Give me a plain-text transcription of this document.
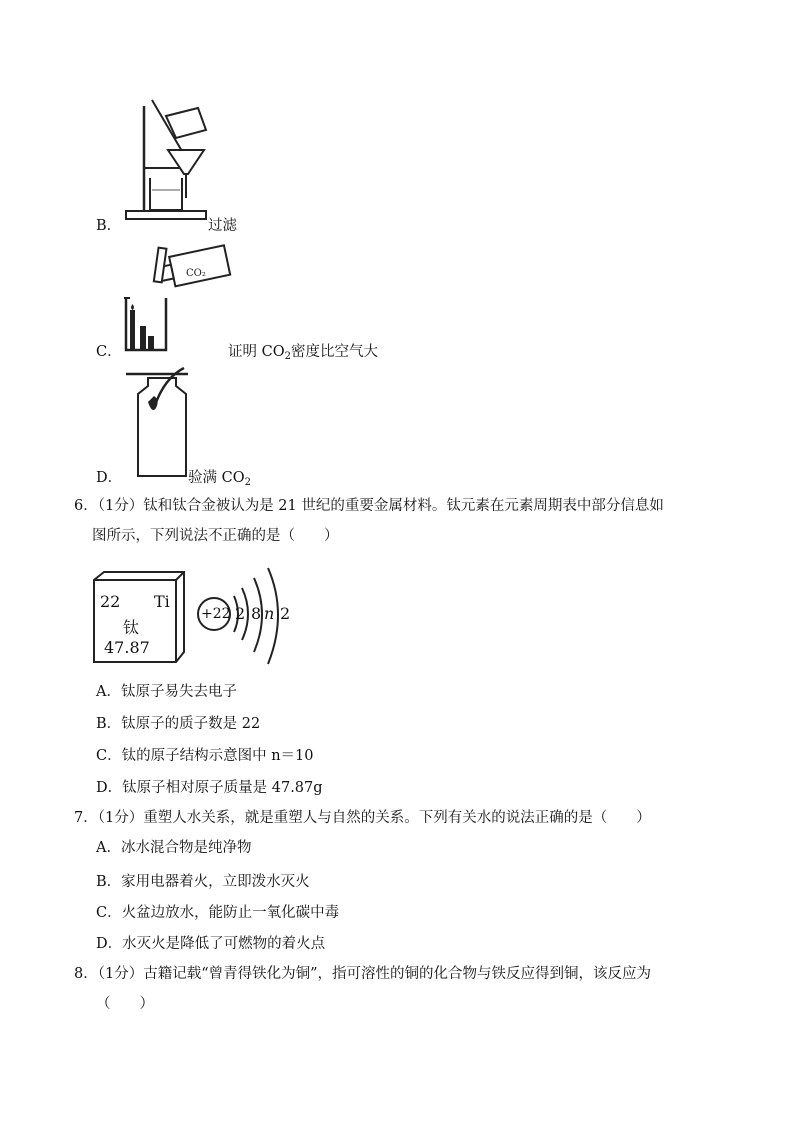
B．	过滤
CO₂
C．	证明 $CO_2$密度比空气大
D．	验满 $CO_2$
6．（1分）钛和钛合金被认为是 21 世纪的重要金属材料。钛元素在元素周期表中部分信息如
图所示，下列说法不正确的是（　　）
22 Ti
钛
47.87
+22 2 8 n 2
A．钛原子易失去电子
B．钛原子的质子数是 22
C．钛的原子结构示意图中 n＝10
D．钛原子相对原子质量是 47.87g
7．（1分）重塑人水关系，就是重塑人与自然的关系。下列有关水的说法正确的是（　　）
A．冰水混合物是纯净物
B．家用电器着火，立即泼水灭火
C．火盆边放水，能防止一氧化碳中毒
D．水灭火是降低了可燃物的着火点
8．（1分）古籍记载“曾青得铁化为铜”，指可溶性的铜的化合物与铁反应得到铜，该反应为
（　　）
